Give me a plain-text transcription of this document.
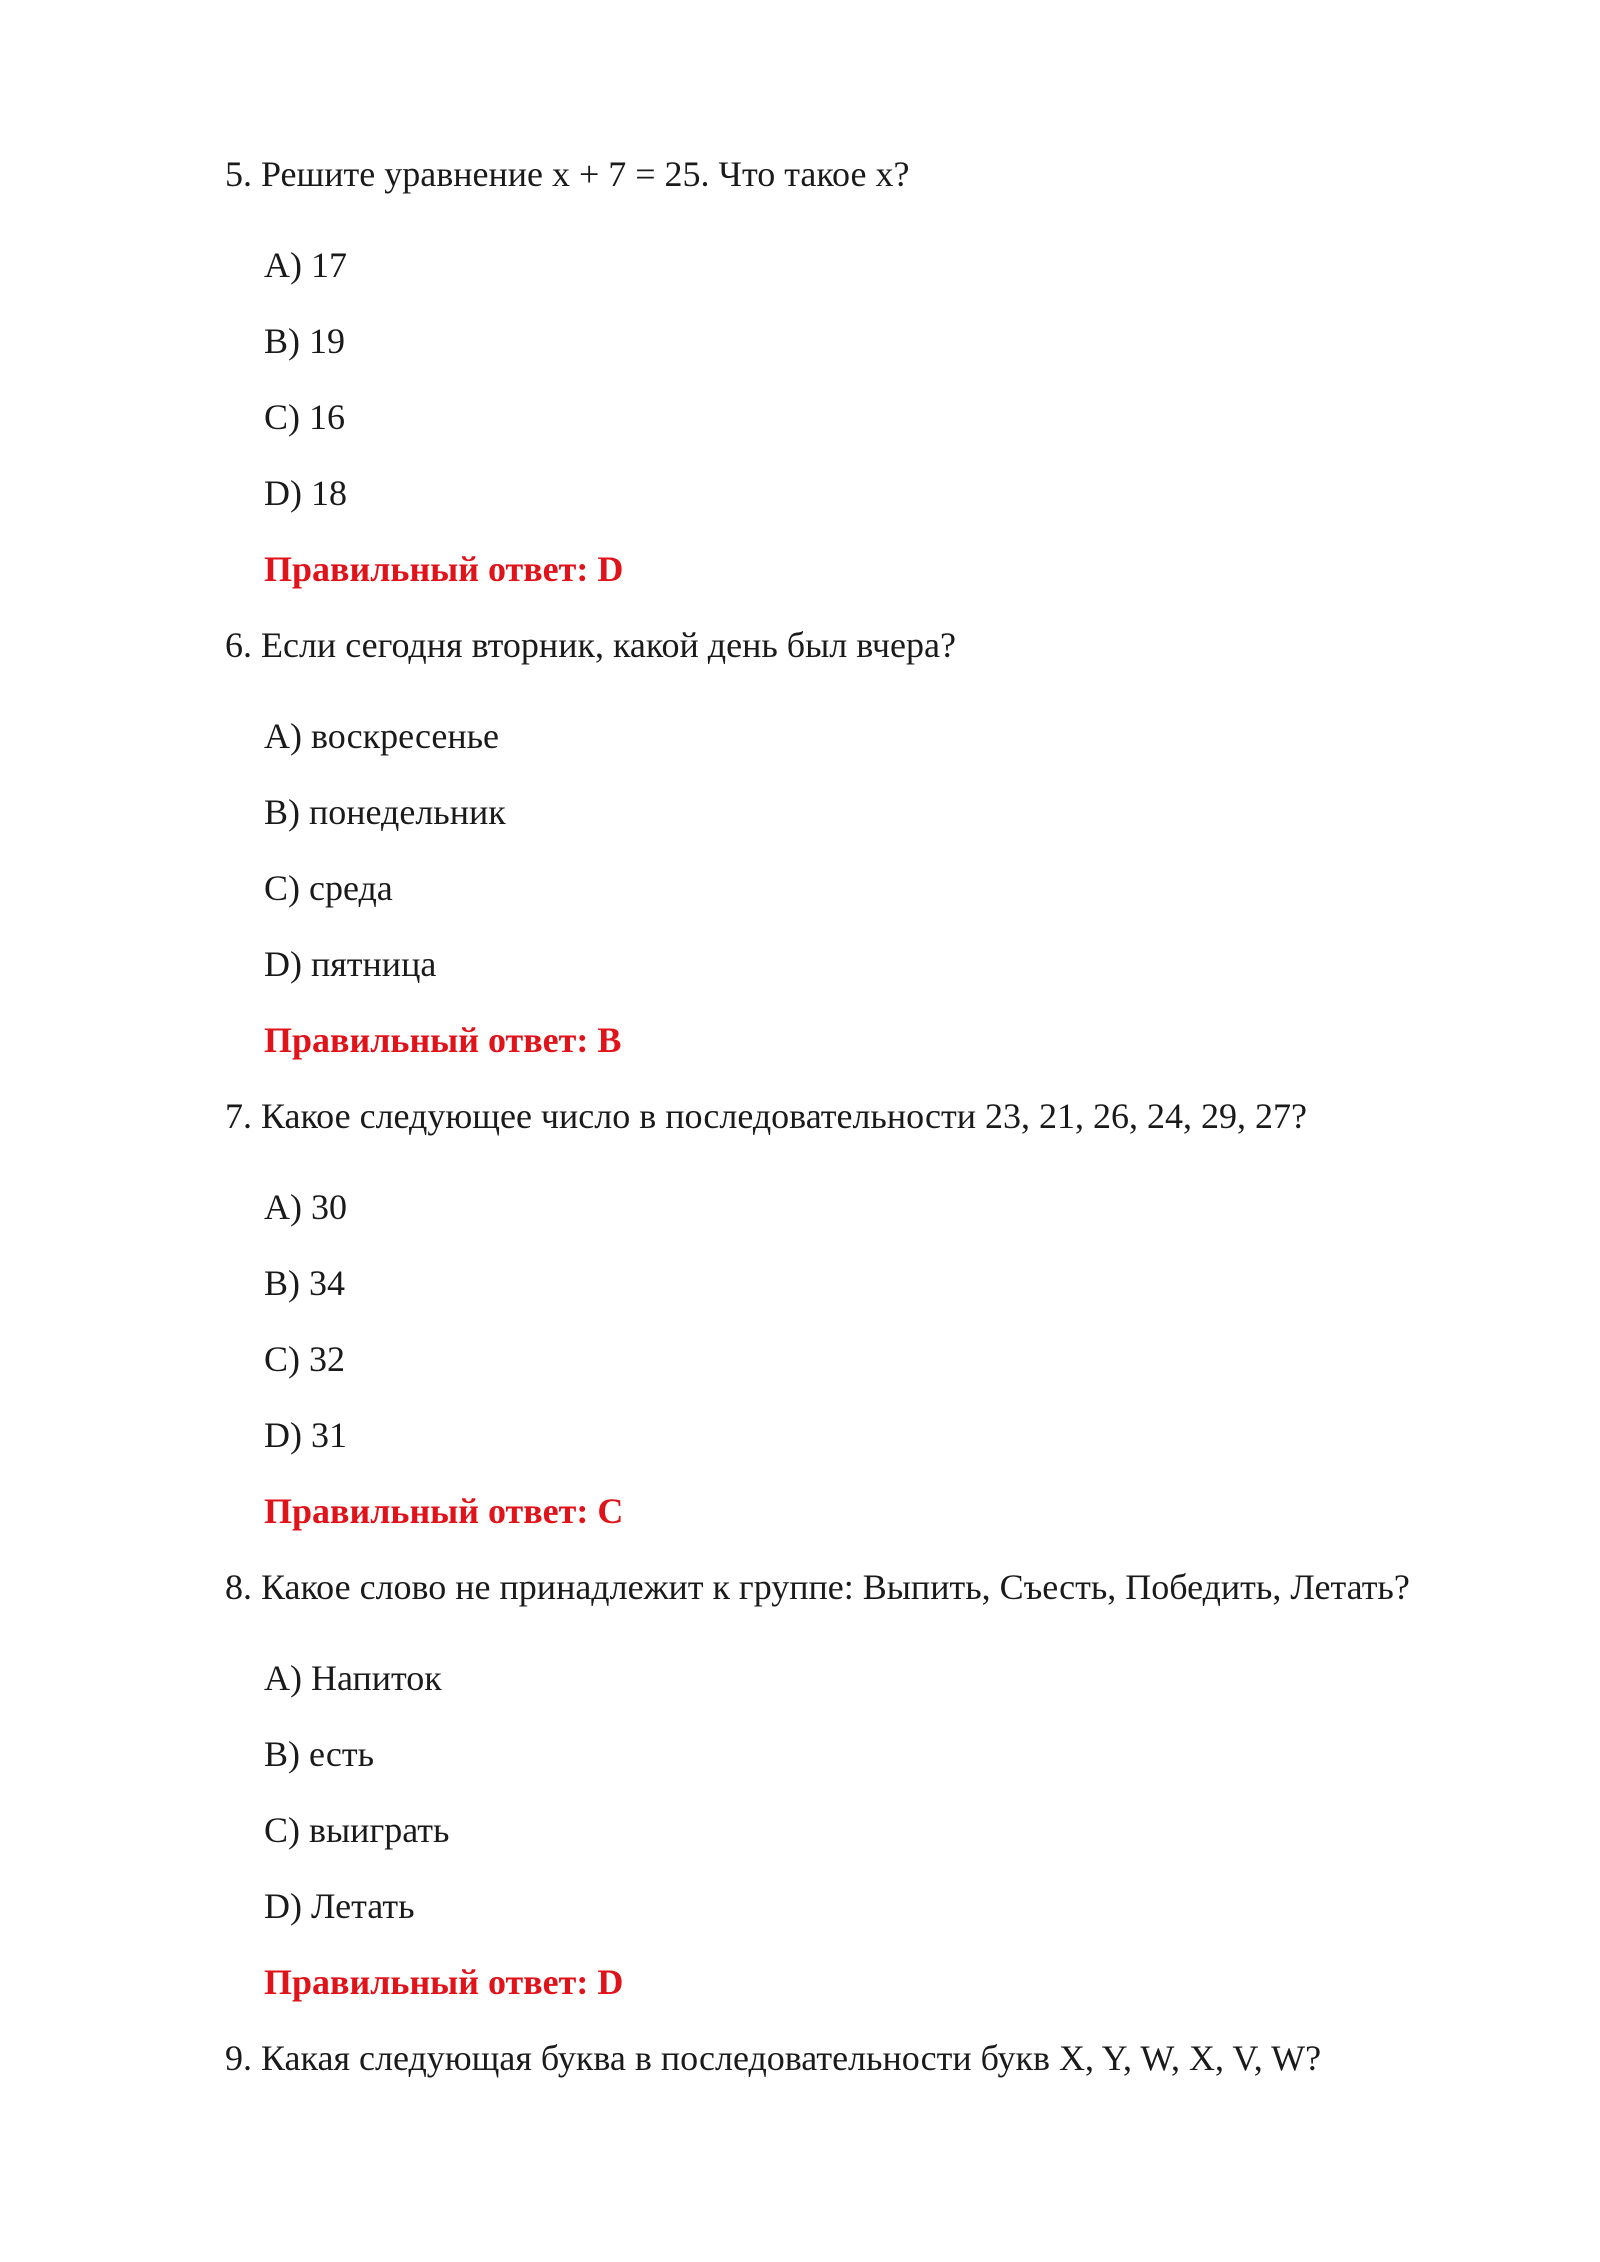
5. Решите уравнение x + 7 = 25. Что такое x?
A) 17
B) 19
C) 16
D) 18
Правильный ответ: D
6. Если сегодня вторник, какой день был вчера?
A) воскресенье
B) понедельник
C) среда
D) пятница
Правильный ответ: B
7. Какое следующее число в последовательности 23, 21, 26, 24, 29, 27?
A) 30
B) 34
C) 32
D) 31
Правильный ответ: C
8. Какое слово не принадлежит к группе: Выпить, Съесть, Победить, Летать?
A) Напиток
B) есть
C) выиграть
D) Летать
Правильный ответ: D
9. Какая следующая буква в последовательности букв X, Y, W, X, V, W?
